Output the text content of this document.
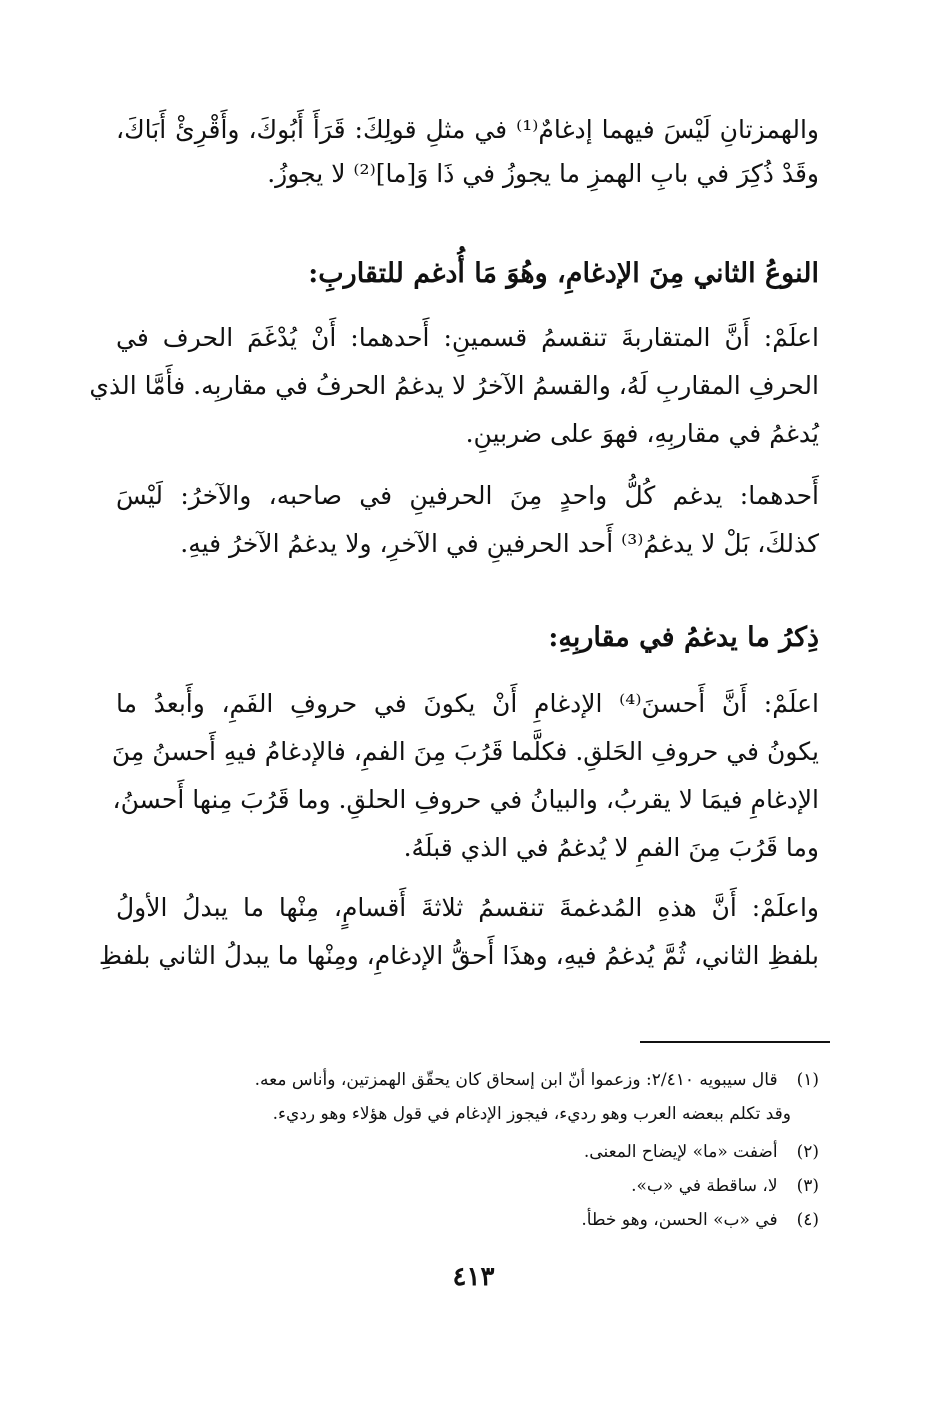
والهمزتانِ لَيْسَ فيهما إدغامٌ⁽¹⁾ في مثلِ قولِكَ: قَرَأَ أَبُوكَ، وأَقْرِئْ أَبَاكَ،
وقَدْ ذُكِرَ في بابِ الهمزِ ما يجوزُ في ذَا وَ[ما]⁽²⁾ لا يجوزُ.
النوعُ الثاني مِنَ الإدغامِ، وهُوَ مَا أُدغم للتقاربِ:
اعلَمْ: أَنَّ المتقاربةَ تنقسمُ قسمينِ: أَحدهما: أَنْ يُدْغَمَ الحرف في
الحرفِ المقاربِ لَهُ، والقسمُ الآخرُ لا يدغمُ الحرفُ في مقاربِه. فأَمَّا الذي
يُدغمُ في مقاربِهِ، فهوَ على ضربينِ.
أَحدهما: يدغم كُلُّ واحدٍ مِنَ الحرفينِ في صاحبه، والآخرُ: لَيْسَ
كذلكَ، بَلْ لا يدغمُ⁽³⁾ أَحد الحرفينِ في الآخرِ، ولا يدغمُ الآخرُ فيهِ.
ذِكرُ ما يدغمُ في مقاربِهِ:
اعلَمْ: أَنَّ أَحسنَ⁽⁴⁾ الإدغامِ أَنْ يكونَ في حروفِ الفَمِ، وأَبعدُ ما
يكونُ في حروفِ الحَلقِ. فكلَّما قَرُبَ مِنَ الفمِ، فالإدغامُ فيهِ أَحسنُ مِنَ
الإدغامِ فيمَا لا يقربُ، والبيانُ في حروفِ الحلقِ. وما قَرُبَ مِنها أَحسنُ،
وما قَرُبَ مِنَ الفمِ لا يُدغمُ في الذي قبلَهُ.
واعلَمْ: أَنَّ هذهِ المُدغمةَ تنقسمُ ثلاثةَ أَقسامٍ، مِنْها ما يبدلُ الأولُ
بلفظِ الثاني، ثُمَّ يُدغمُ فيهِ، وهذَا أَحقُّ الإدغامِ، ومِنْها ما يبدلُ الثاني بلفظِ
(١) قال سيبويه ٢/٤١٠: وزعموا أنّ ابن إسحاق كان يحقّق الهمزتين، وأناس معه.
وقد تكلم ببعضه العرب وهو رديء، فيجوز الإدغام في قول هؤلاء وهو رديء.
(٢) أضفت «ما» لإيضاح المعنى.
(٣) لا، ساقطة في «ب».
(٤) في «ب» الحسن، وهو خطأ.
٤١٣
